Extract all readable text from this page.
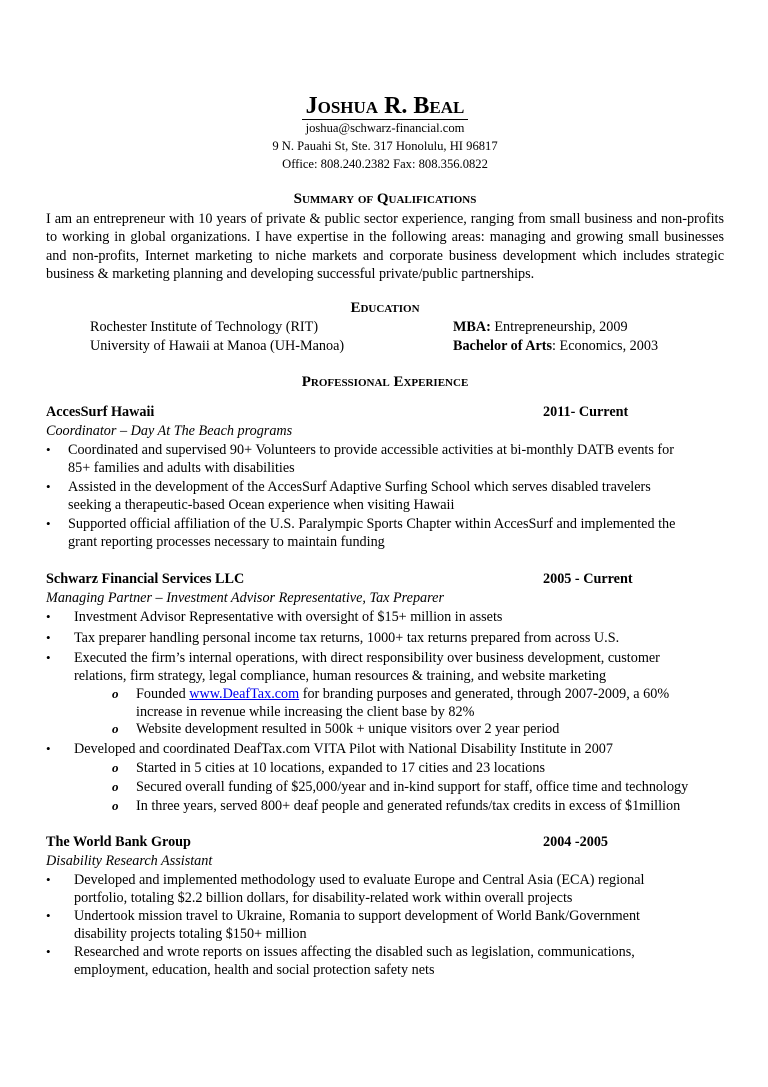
Joshua R. Beal
joshua@schwarz-financial.com
9 N. Pauahi St, Ste. 317 Honolulu, HI 96817
Office: 808.240.2382 Fax: 808.356.0822
Summary of Qualifications
I am an entrepreneur with 10 years of private & public sector experience, ranging from small business and non-profits to working in global organizations. I have expertise in the following areas: managing and growing small businesses and non-profits, Internet marketing to niche markets and corporate business development which includes strategic business & marketing planning and developing successful private/public partnerships.
Education
Rochester Institute of Technology (RIT)	MBA: Entrepreneurship, 2009
University of Hawaii at Manoa (UH-Manoa)	Bachelor of Arts: Economics, 2003
Professional Experience
AccesSurf Hawaii	2011- Current
Coordinator – Day At The Beach programs
• Coordinated and supervised 90+ Volunteers to provide accessible activities at bi-monthly DATB events for
85+ families and adults with disabilities
• Assisted in the development of the AccesSurf Adaptive Surfing School which serves disabled travelers
seeking a therapeutic-based Ocean experience when visiting Hawaii
• Supported official affiliation of the U.S. Paralympic Sports Chapter within AccesSurf and implemented the
grant reporting processes necessary to maintain funding
Schwarz Financial Services LLC	2005 - Current
Managing Partner – Investment Advisor Representative, Tax Preparer
• Investment Advisor Representative with oversight of $15+ million in assets
• Tax preparer handling personal income tax returns, 1000+ tax returns prepared from across U.S.
• Executed the firm’s internal operations, with direct responsibility over business development, customer
relations, firm strategy, legal compliance, human resources & training, and website marketing
o Founded www.DeafTax.com for branding purposes and generated, through 2007-2009, a 60%
increase in revenue while increasing the client base by 82%
o Website development resulted in 500k + unique visitors over 2 year period
• Developed and coordinated DeafTax.com VITA Pilot with National Disability Institute in 2007
o Started in 5 cities at 10 locations, expanded to 17 cities and 23 locations
o Secured overall funding of $25,000/year and in-kind support for staff, office time and technology
o In three years, served 800+ deaf people and generated refunds/tax credits in excess of $1million
The World Bank Group	2004 -2005
Disability Research Assistant
• Developed and implemented methodology used to evaluate Europe and Central Asia (ECA) regional
portfolio, totaling $2.2 billion dollars, for disability-related work within overall projects
• Undertook mission travel to Ukraine, Romania to support development of World Bank/Government
disability projects totaling $150+ million
• Researched and wrote reports on issues affecting the disabled such as legislation, communications,
employment, education, health and social protection safety nets
